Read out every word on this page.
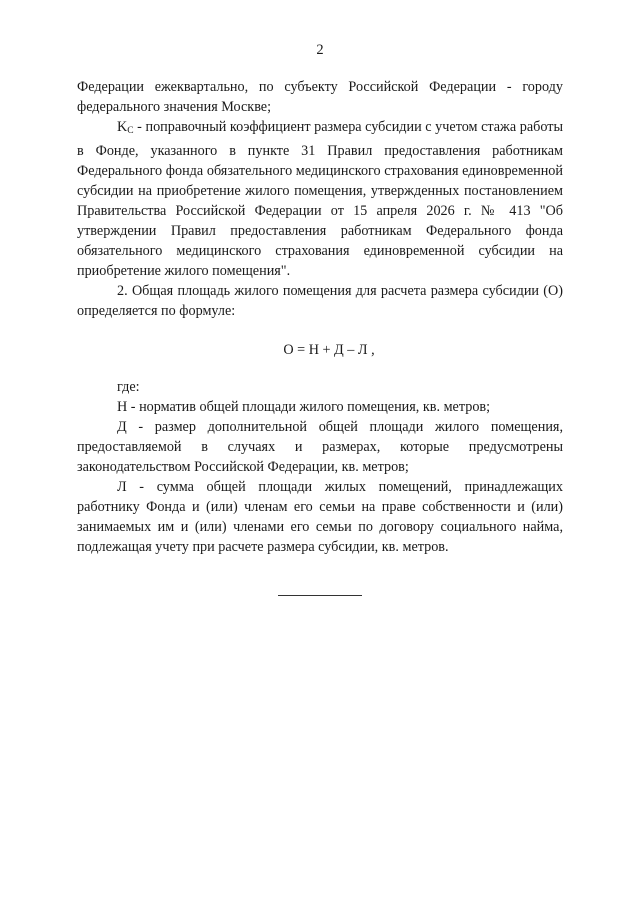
2

Федерации ежеквартально, по субъекту Российской Федерации - городу федерального значения Москве;

$K_C$ - поправочный коэффициент размера субсидии с учетом стажа работы в Фонде, указанного в пункте 31 Правил предоставления работникам Федерального фонда обязательного медицинского страхования единовременной субсидии на приобретение жилого помещения, утвержденных постановлением Правительства Российской Федерации от 15 апреля 2026 г. № 413 "Об утверждении Правил предоставления работникам Федерального фонда обязательного медицинского страхования единовременной субсидии на приобретение жилого помещения".

2. Общая площадь жилого помещения для расчета размера субсидии (О) определяется по формуле:

О = Н + Д – Л ,

где:

Н - норматив общей площади жилого помещения, кв. метров;

Д - размер дополнительной общей площади жилого помещения, предоставляемой в случаях и размерах, которые предусмотрены законодательством Российской Федерации, кв. метров;

Л - сумма общей площади жилых помещений, принадлежащих работнику Фонда и (или) членам его семьи на праве собственности и (или) занимаемых им и (или) членами его семьи по договору социального найма, подлежащая учету при расчете размера субсидии, кв. метров.
